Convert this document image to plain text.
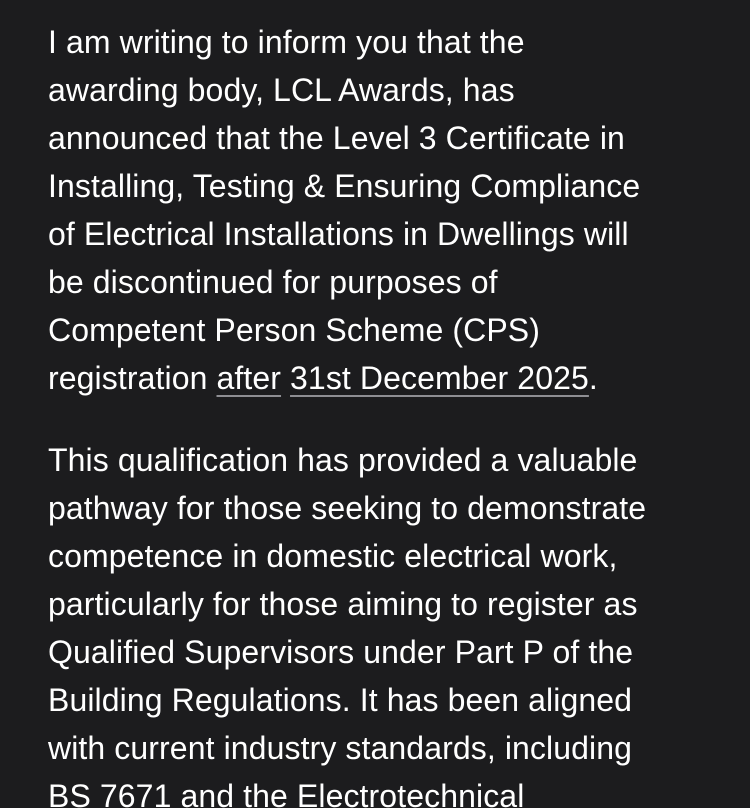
I am writing to inform you that the
awarding body, LCL Awards, has
announced that the Level 3 Certificate in
Installing, Testing & Ensuring Compliance
of Electrical Installations in Dwellings will
be discontinued for purposes of
Competent Person Scheme (CPS)
registration after 31st December 2025.
This qualification has provided a valuable
pathway for those seeking to demonstrate
competence in domestic electrical work,
particularly for those aiming to register as
Qualified Supervisors under Part P of the
Building Regulations. It has been aligned
with current industry standards, including
BS 7671 and the Electrotechnical
